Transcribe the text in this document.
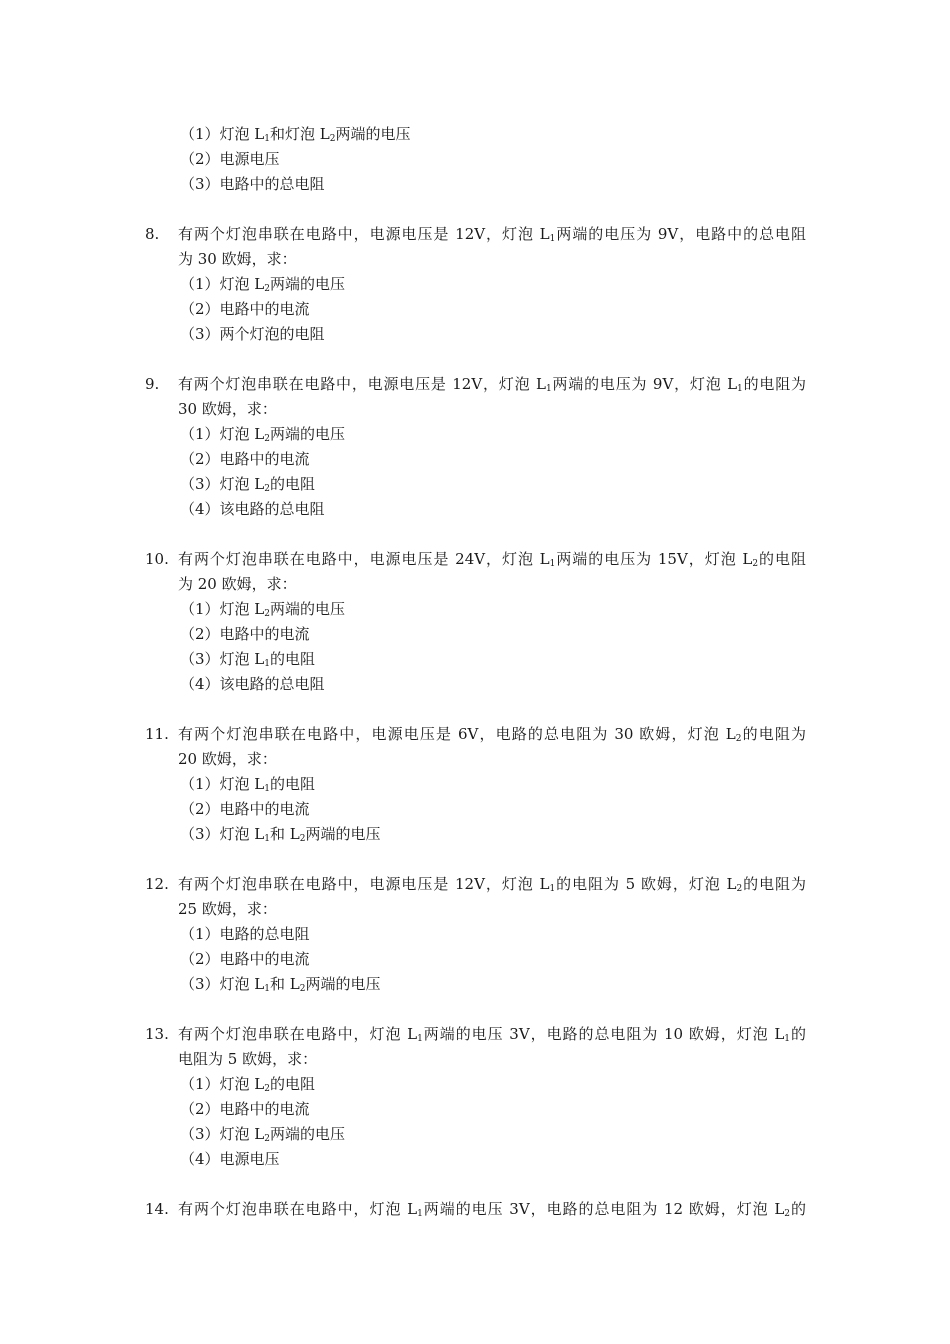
（1）灯泡 $L_1$和灯泡 $L_2$两端的电压
（2）电源电压
（3）电路中的总电阻
8. 有两个灯泡串联在电路中，电源电压是 12V，灯泡 $L_1$两端的电压为 9V，电路中的总电阻
为 30 欧姆，求：
（1）灯泡 $L_2$两端的电压
（2）电路中的电流
（3）两个灯泡的电阻
9. 有两个灯泡串联在电路中，电源电压是 12V，灯泡 $L_1$两端的电压为 9V，灯泡 $L_1$的电阻为
30 欧姆，求：
（1）灯泡 $L_2$两端的电压
（2）电路中的电流
（3）灯泡 $L_2$的电阻
（4）该电路的总电阻
10. 有两个灯泡串联在电路中，电源电压是 24V，灯泡 $L_1$两端的电压为 15V，灯泡 $L_2$的电阻
为 20 欧姆，求：
（1）灯泡 $L_2$两端的电压
（2）电路中的电流
（3）灯泡 $L_1$的电阻
（4）该电路的总电阻
11. 有两个灯泡串联在电路中，电源电压是 6V，电路的总电阻为 30 欧姆，灯泡 $L_2$的电阻为
20 欧姆，求：
（1）灯泡 $L_1$的电阻
（2）电路中的电流
（3）灯泡 $L_1$和 $L_2$两端的电压
12. 有两个灯泡串联在电路中，电源电压是 12V，灯泡 $L_1$的电阻为 5 欧姆，灯泡 $L_2$的电阻为
25 欧姆，求：
（1）电路的总电阻
（2）电路中的电流
（3）灯泡 $L_1$和 $L_2$两端的电压
13. 有两个灯泡串联在电路中，灯泡 $L_1$两端的电压 3V，电路的总电阻为 10 欧姆，灯泡 $L_1$的
电阻为 5 欧姆，求：
（1）灯泡 $L_2$的电阻
（2）电路中的电流
（3）灯泡 $L_2$两端的电压
（4）电源电压
14. 有两个灯泡串联在电路中，灯泡 $L_1$两端的电压 3V，电路的总电阻为 12 欧姆，灯泡 $L_2$的
